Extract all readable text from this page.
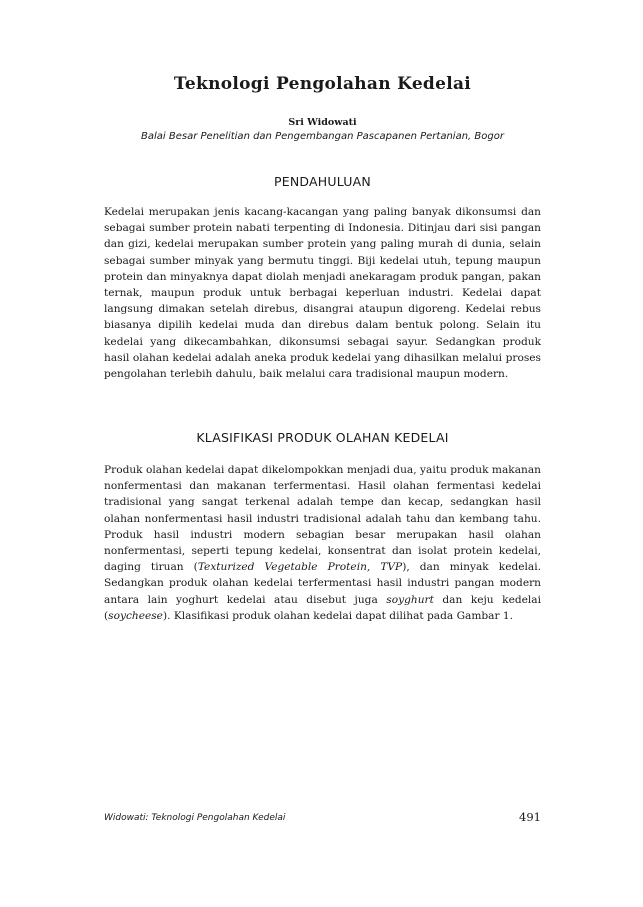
Teknologi Pengolahan Kedelai

Sri Widowati

Balai Besar Penelitian dan Pengembangan Pascapanen Pertanian, Bogor

PENDAHULUAN

Kedelai merupakan jenis kacang-kacangan yang paling banyak dikonsumsi dan sebagai sumber protein nabati terpenting di Indonesia. Ditinjau dari sisi pangan dan gizi, kedelai merupakan sumber protein yang paling murah di dunia, selain sebagai sumber minyak yang bermutu tinggi. Biji kedelai utuh, tepung maupun protein dan minyaknya dapat diolah menjadi anekaragam produk pangan, pakan ternak, maupun produk untuk berbagai keperluan industri. Kedelai dapat langsung dimakan setelah direbus, disangrai ataupun digoreng. Kedelai rebus biasanya dipilih kedelai muda dan direbus dalam bentuk polong. Selain itu kedelai yang dikecambahkan, dikonsumsi sebagai sayur. Sedangkan produk hasil olahan kedelai adalah aneka produk kedelai yang dihasilkan melalui proses pengolahan terlebih dahulu, baik melalui cara tradisional maupun modern.

KLASIFIKASI PRODUK OLAHAN KEDELAI

Produk olahan kedelai dapat dikelompokkan menjadi dua, yaitu produk makanan nonfermentasi dan makanan terfermentasi. Hasil olahan fermentasi kedelai tradisional yang sangat terkenal adalah tempe dan kecap, sedangkan hasil olahan nonfermentasi hasil industri tradisional adalah tahu dan kembang tahu. Produk hasil industri modern sebagian besar merupakan hasil olahan nonfermentasi, seperti tepung kedelai, konsentrat dan isolat protein kedelai, daging tiruan (Texturized Vegetable Protein, TVP), dan minyak kedelai. Sedangkan produk olahan kedelai terfermentasi hasil industri pangan modern antara lain yoghurt kedelai atau disebut juga soyghurt dan keju kedelai (soycheese). Klasifikasi produk olahan kedelai dapat dilihat pada Gambar 1.

Widowati: Teknologi Pengolahan Kedelai	491
